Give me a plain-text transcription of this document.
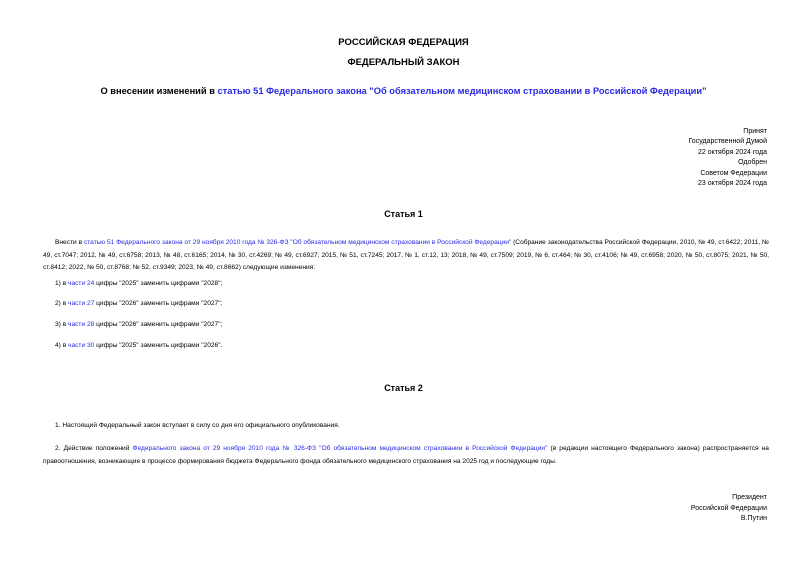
РОССИЙСКАЯ ФЕДЕРАЦИЯ
ФЕДЕРАЛЬНЫЙ ЗАКОН
О внесении изменений в статью 51 Федерального закона "Об обязательном медицинском страховании в Российской Федерации"
Принят
Государственной Думой
22 октября 2024 года
Одобрен
Советом Федерации
23 октября 2024 года
Статья 1
Внести в статью 51 Федерального закона от 29 ноября 2010 года № 326-ФЗ "Об обязательном медицинском страховании в Российской Федерации" (Собрание законодательства Российской Федерации, 2010, № 49, ст.6422; 2011, № 49, ст.7047; 2012, № 49, ст.6758; 2013, № 48, ст.6165; 2014, № 30, ст.4269; № 49, ст.6927; 2015, № 51, ст.7245; 2017, № 1, ст.12, 13; 2018, № 49, ст.7509; 2019, № 6, ст.464; № 30, ст.4106; № 49, ст.6958; 2020, № 50, ст.8075; 2021, № 50, ст.8412; 2022, № 50, ст.8768; № 52, ст.9349; 2023, № 49, ст.8662) следующие изменения:
1) в части 24 цифры "2025" заменить цифрами "2028";
2) в части 27 цифры "2026" заменить цифрами "2027";
3) в части 28 цифры "2026" заменить цифрами "2027";
4) в части 30 цифры "2025" заменить цифрами "2026".
Статья 2
1. Настоящий Федеральный закон вступает в силу со дня его официального опубликования.
2. Действие положений Федерального закона от 29 ноября 2010 года № 326-ФЗ "Об обязательном медицинском страховании в Российской Федерации" (в редакции настоящего Федерального закона) распространяется на правоотношения, возникающие в процессе формирования бюджета Федерального фонда обязательного медицинского страхования на 2025 год и последующие годы.
Президент
Российской Федерации
В.Путин
